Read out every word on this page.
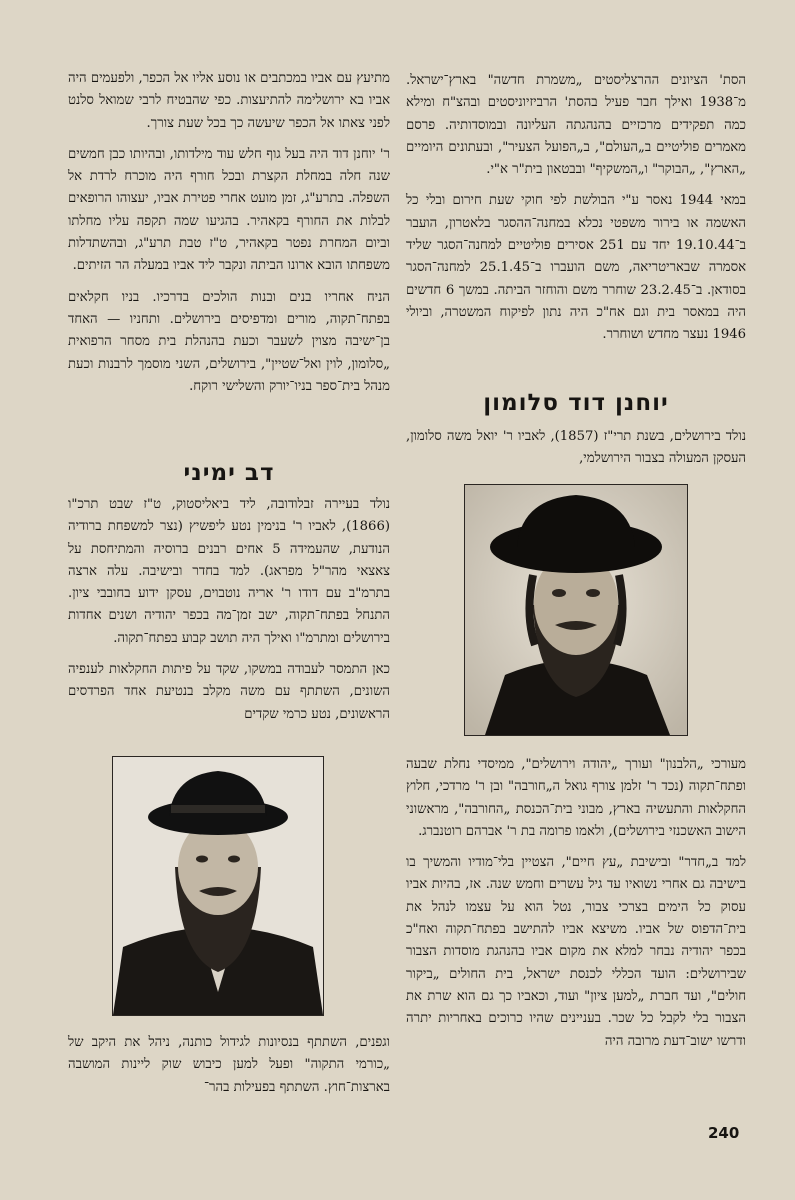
הסת' הציונים ההרצליסטים „משמרת חדשה" בארץ־ישראל. מ־1938 ואילך חבר פעיל בהסת' הרביזיוניסטים ובהצ"ח ומילא כמה תפקידים מרכזיים בהנהגתה העליונה ובמוסדותיה. פרסם מאמרים פוליטיים ב„העולם", ב„הפועל הצעיר", ובעתונים היומיים „הארץ", „הבוקר" ו„המשקיף" ובבטאון בית"ר א"י.

במאי 1944 נאסר ע"י הבולשת לפי חוקי שעת חירום ובלי כל האשמה או בירור משפטי נכלא במחנה־ההסגר בלאטרון, הועבר ב־19.10.44 יחד עם 251 אסירים פוליטיים למחנה־הסגר שליד אסמרה שבאריטריאה, משם הועברו ב־25.1.45 למחנה־הסגר בסודאן. ב־23.2.45 שוחרר משם והוחזר הביתה. במשך 6 חדשים היה במאסר בית וגם אח"כ היה נתון לפיקוח המשטרה, וביולי 1946 נעצר מחדש ושוחרר.

יוחנן דוד סלומון

נולד בירושלים, בשנת תרי"ז (1857), לאביו ר' יואל משה סלומון, העסקן המעולה בצבור הירושלמי,

מעורכי „הלבנון" ועורך „יהודה וירושלים", ממיסדי נחלת שבעה ופתח־תקוה (נכד ר' זלמן צורף גואל ה„חורבה" ובן ר' מרדכי, חלוץ החקלאות והתעשיה בארץ, מבוני בית־הכנסת „החורבה", מראשוני הישוב האשכנזי בירושלים), ולאמו פרומה בת ר' אברהם רוטנברג.

למד ב„חדר" ובישיבת „עץ חיים", הצטיין בלי־מודיו והמשיך בו בישיבה גם אחרי נשואיו עד גיל עשרים וחמש שנה. אז, בהיות אביו עסוק כל הימים בצרכי צבור, נטל הוא על עצמו לנהל את בית־הדפוס של אביו. משיצא אביו להתישב בפתח־תקוה ואח"כ בכפר יהודיה נבחר למלא את מקום אביו בהנהגת מוסדות הצבור שבירושלים: הועד הכללי לכנסת ישראל, בית החולים „ביקור חולים", ועד חברת „למען ציון" ועוד, וכאביו כך גם הוא שרת את הצבור בלי לקבל כל שכר. בעניינים שהיו כרוכים באחריות יתרה ודרשו ישוב־דעת מרובה היה

מתיעץ עם אביו במכתבים או נוסע אליו אל הכפר, ולפעמים היה אביו בא ירושלימה להתיעצות. כפי שהבטיח לרבי שמואל סלנט לפני צאתו אל הכפר שיעשה כך בכל שעת צורך.

ר' יוחנן דוד היה בעל גוף חלש עוד מילדותו, ובהיותו כבן חמשים שנה חלה במחלת הקצרת ובכל חורף היה מוכרח לרדת אל השפלה. בתרע"ג, זמן מועט אחרי פטירת אביו, יעצוהו הרופאים לבלות את החורף בקאהיר. בהגיעו שמה תקפה עליו מחלתו וביום המחרת נפטר בקאהיר, ט"ז טבת תרע"ג, ובהשתדלות משפחתו הובא ארונו הביתה ונקבר ליד אביו במעלה הר הזיתים.

הניח אחריו בנים ובנות הולכים בדרכיו. בניו חקלאים בפתח־תקוה, מורים ומדפיסים בירושלים. ותחניו — האחד בן־ישיבה מצוין לשעבר וכעת בהנהלת בית מסחר הרפואית „סלומון, לוין ואל־שטיין", בירושלים, השני מוסמך לרבנות וכעת מנהל בית־ספר בניו־יורק והשלישי רוקח.

דב ימיני

נולד בעיירה זבלודובה, ליד ביאליסטוק, ט"ז שבט תרכ"ו (1866), לאביו ר' בנימין נטע ליפשיץ (נצר למשפחת ברודיה הנודעת, שהעמידה 5 אחים רבנים ברוסיה והמתיחסת על צאצאי מהר"ל מפראג). למד בחדר ובישיבה. עלה ארצה בתרמ"ב עם דודו ר' אריה נוטבוים, עסקן ידוע בחובבי ציון. התנחל בפתח־תקוה, ישב זמן־מה בכפר יהודיה ושנים אחדות בירושלים ומתרמ"ו ואילך היה תושב קבוע בפתח־תקוה.

כאן התמסר לעבודה במשקו, שקד על פיתות החקלאות לענפיה השונים, השתתף עם משה מקלב בנטיעת אחד הפרדסים הראשונים, נטע כרמי שקדים

וגפנים, השתתף בנסיונות לגידול כותנה, ניהל את היקב של „כורמי התקוה" ופעל למען כיבוש שוק ליינות המושבה בארצות־חוץ. השתתף בפעילות בהר־

240
